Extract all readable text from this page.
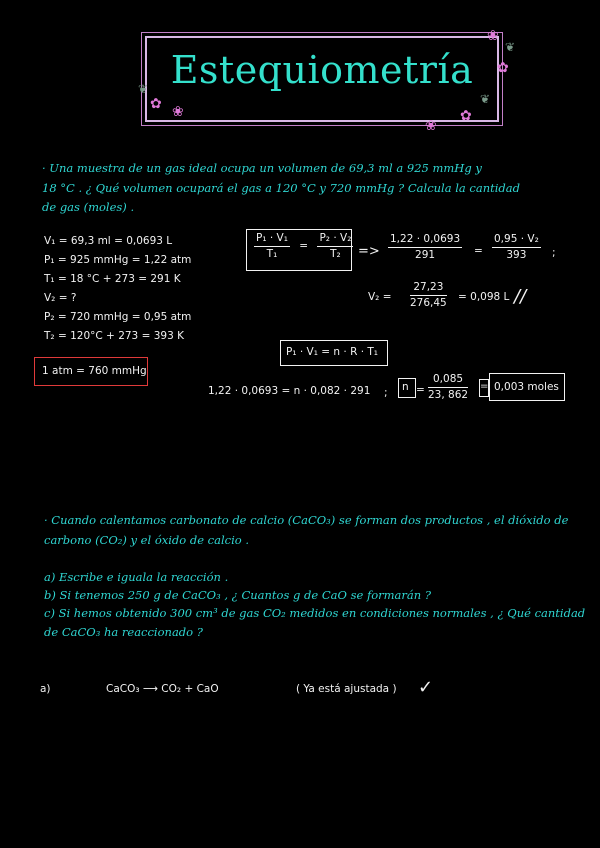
Estequiometría
✿ ❀
❦
❀
✿
❦
❀
✿
❦
· Una muestra de un gas ideal ocupa un volumen de 69,3 ml a 925 mmHg y
18 °C . ¿ Qué volumen ocupará el gas a 120 °C y 720 mmHg ? Calcula la cantidad
de gas (moles) .
V₁ = 69,3 ml = 0,0693 L
P₁ = 925 mmHg = 1,22 atm
T₁ = 18 °C + 273 = 291 K
V₂ = ?
P₂ = 720 mmHg = 0,95 atm
T₂ = 120°C + 273 = 393 K
1 atm = 760 mmHg
$\frac{\text{P₁ · V₁}}{\text{T₁}} = \frac{\text{P₂ · V₂}}{\text{T₂}} => \frac{1,22 \cdot 0,0693}{291} = \frac{\text{0,95 · V₂}}{393}$ ;
$V_2 = \frac{27,23}{276,45} = 0,098$ L //
P₁ · V₁ = n · R · T₁
1,22 · 0,0693 = n · 0,082 · 291 ; $n = \frac{0,085}{23, 862} = 0,003$ moles
· Cuando calentamos carbonato de calcio (CaCO₃) se forman dos productos , el dióxido de
carbono (CO₂) y el óxido de calcio .
a) Escribe e iguala la reacción .
b) Si tenemos 250 g de CaCO₃ , ¿ Cuantos g de CaO se formarán ?
c) Si hemos obtenido 300 cm³ de gas CO₂ medidos en condiciones normales , ¿ Qué cantidad
de CaCO₃ ha reaccionado ?
a)	CaCO₃ ⟶ CO₂ + CaO	( Ya está ajustada ) ✓
